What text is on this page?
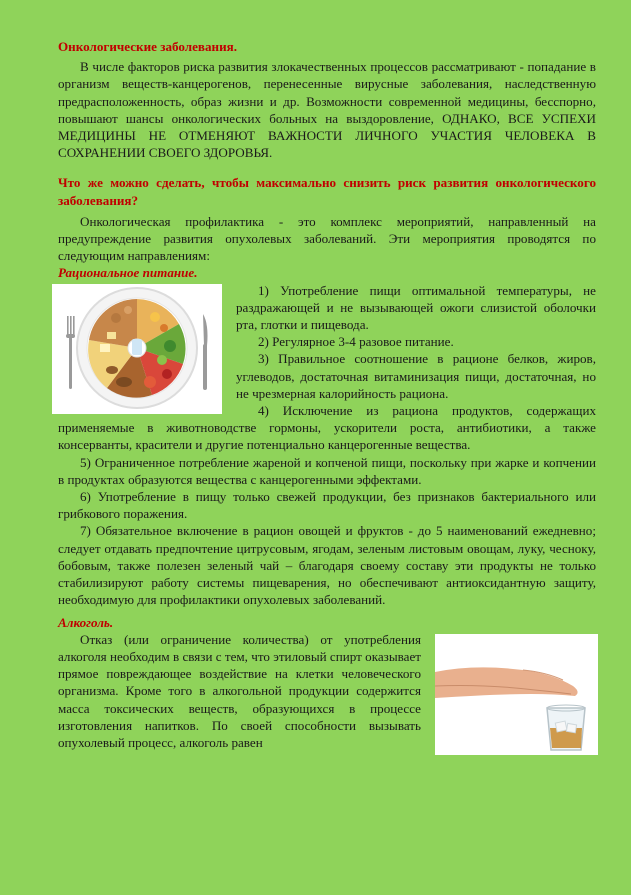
Онкологические заболевания.

В числе факторов риска развития злокачественных процессов рассматривают - попадание в организм веществ-канцерогенов, перенесенные вирусные заболевания, наследственную предрасположенность, образ жизни и др. Возможности современной медицины, бесспорно, повышают шансы онкологических больных на выздоровление, ОДНАКО, ВСЕ УСПЕХИ МЕДИЦИНЫ НЕ ОТМЕНЯЮТ ВАЖНОСТИ ЛИЧНОГО УЧАСТИЯ ЧЕЛОВЕКА В СОХРАНЕНИИ СВОЕГО ЗДОРОВЬЯ.

Что же можно сделать, чтобы максимально снизить риск развития онкологического заболевания?

Онкологическая профилактика - это комплекс мероприятий, направленный на предупреждение развития опухолевых заболеваний. Эти мероприятия проводятся по следующим направлениям:

Рациональное питание.

1) Употребление пищи оптимальной температуры, не раздражающей и не вызывающей ожоги слизистой оболочки рта, глотки и пищевода.

2) Регулярное 3-4 разовое питание.

3) Правильное соотношение в рационе белков, жиров, углеводов, достаточная витаминизация пищи, достаточная, но не чрезмерная калорийность рациона.

4) Исключение из рациона продуктов, содержащих применяемые в животноводстве гормоны, ускорители роста, антибиотики, а также консерванты, красители и другие потенциально канцерогенные вещества.

5) Ограниченное потребление жареной и копченой пищи, поскольку при жарке и копчении в продуктах образуются вещества с канцерогенными эффектами.

6) Употребление в пищу только свежей продукции, без признаков бактериального или грибкового поражения.

7) Обязательное включение в рацион овощей и фруктов - до 5 наименований ежедневно; следует отдавать предпочтение цитрусовым, ягодам, зеленым листовым овощам, луку, чесноку, бобовым, также полезен зеленый чай – благодаря своему составу эти продукты не только стабилизируют работу системы пищеварения, но обеспечивают антиоксидантную защиту, необходимую для профилактики опухолевых заболеваний.

Алкоголь.

Отказ (или ограничение количества) от употребления алкоголя необходим в связи с тем, что этиловый спирт оказывает прямое повреждающее воздействие на клетки человеческого организма. Кроме того в алкогольной продукции содержится масса токсических веществ, образующихся в процессе изготовления напитков. По своей способности вызывать опухолевый процесс, алкоголь равен
